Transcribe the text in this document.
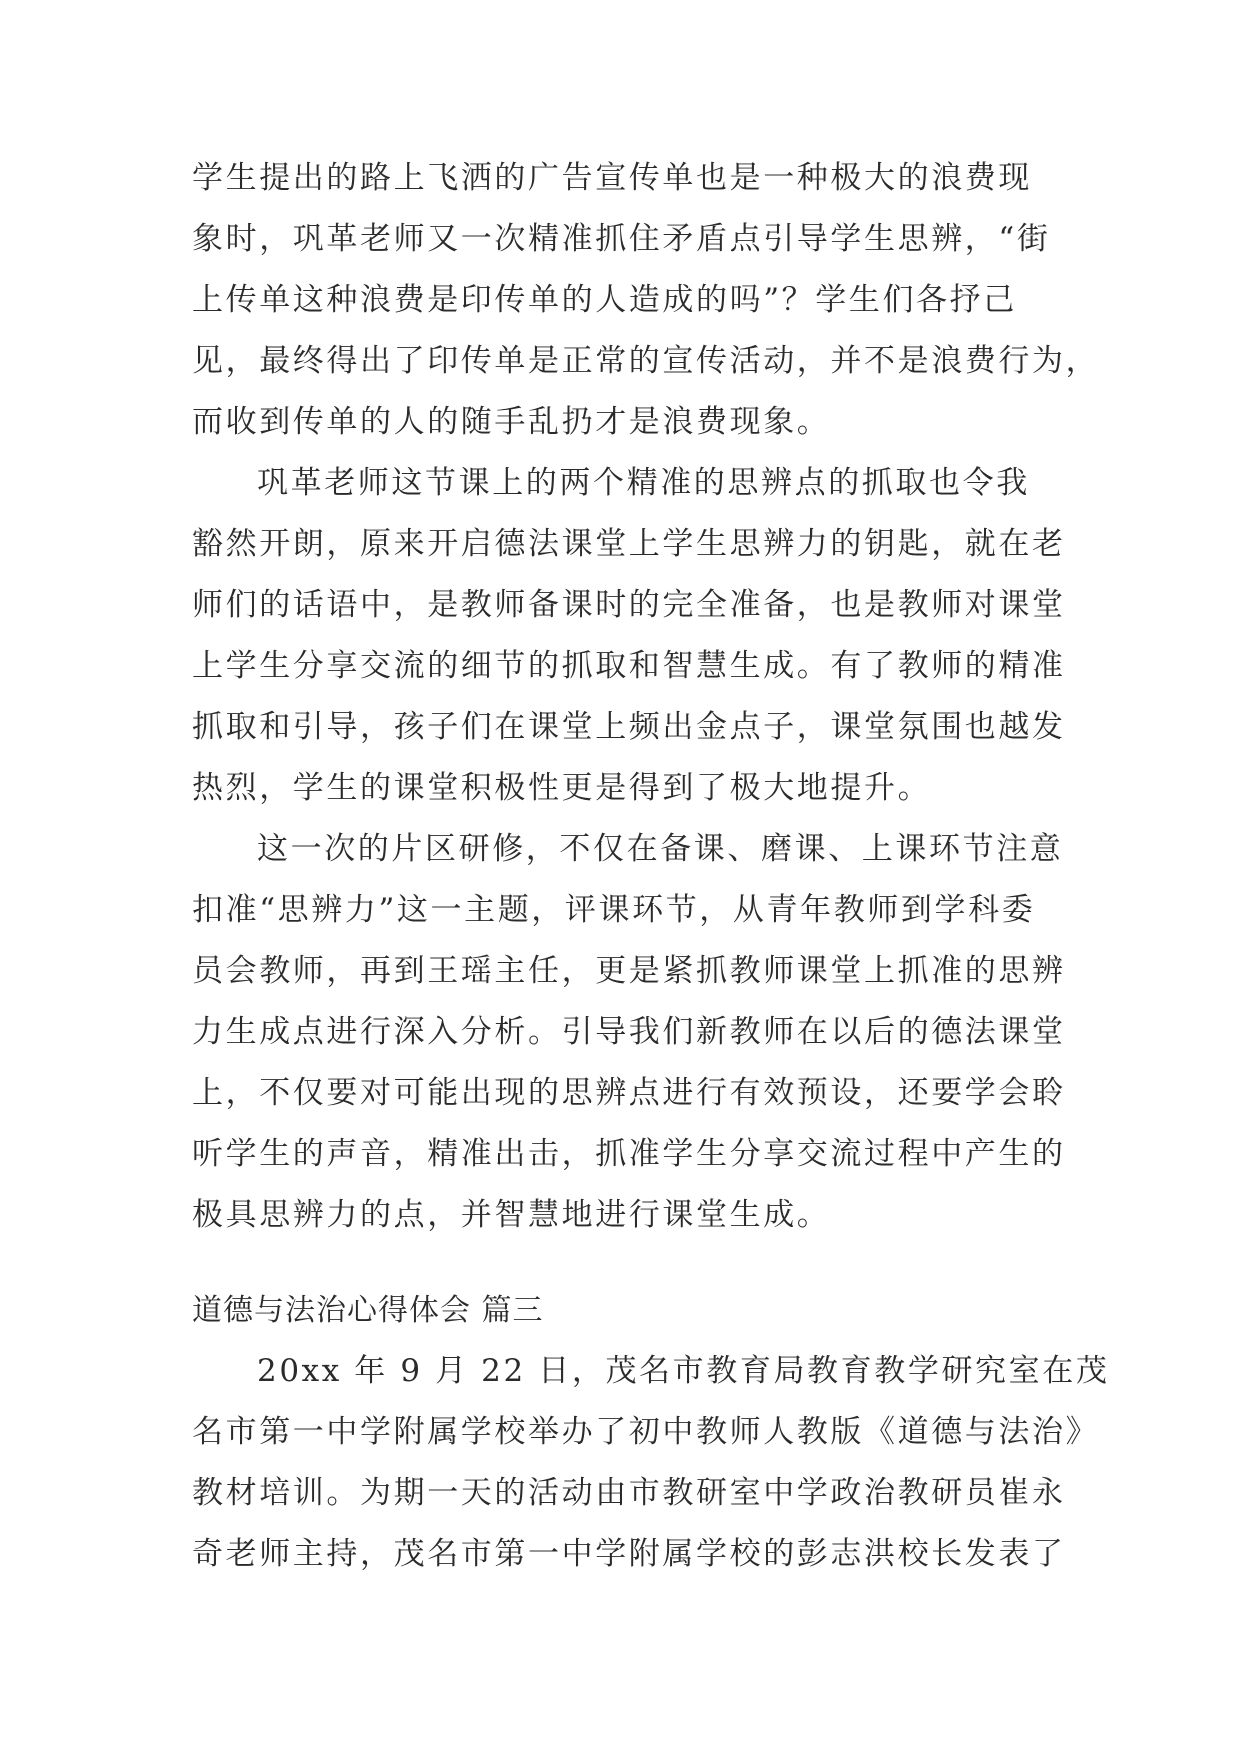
学生提出的路上飞洒的广告宣传单也是一种极大的浪费现
象时，巩革老师又一次精准抓住矛盾点引导学生思辨，“街
上传单这种浪费是印传单的人造成的吗”？学生们各抒己
见，最终得出了印传单是正常的宣传活动，并不是浪费行为，
而收到传单的人的随手乱扔才是浪费现象。
巩革老师这节课上的两个精准的思辨点的抓取也令我
豁然开朗，原来开启德法课堂上学生思辨力的钥匙，就在老
师们的话语中，是教师备课时的完全准备，也是教师对课堂
上学生分享交流的细节的抓取和智慧生成。有了教师的精准
抓取和引导，孩子们在课堂上频出金点子，课堂氛围也越发
热烈，学生的课堂积极性更是得到了极大地提升。
这一次的片区研修，不仅在备课、磨课、上课环节注意
扣准“思辨力”这一主题，评课环节，从青年教师到学科委
员会教师，再到王瑶主任，更是紧抓教师课堂上抓准的思辨
力生成点进行深入分析。引导我们新教师在以后的德法课堂
上，不仅要对可能出现的思辨点进行有效预设，还要学会聆
听学生的声音，精准出击，抓准学生分享交流过程中产生的
极具思辨力的点，并智慧地进行课堂生成。
道德与法治心得体会 篇三
20xx 年 9 月 22 日，茂名市教育局教育教学研究室在茂
名市第一中学附属学校举办了初中教师人教版《道德与法治》
教材培训。为期一天的活动由市教研室中学政治教研员崔永
奇老师主持，茂名市第一中学附属学校的彭志洪校长发表了
